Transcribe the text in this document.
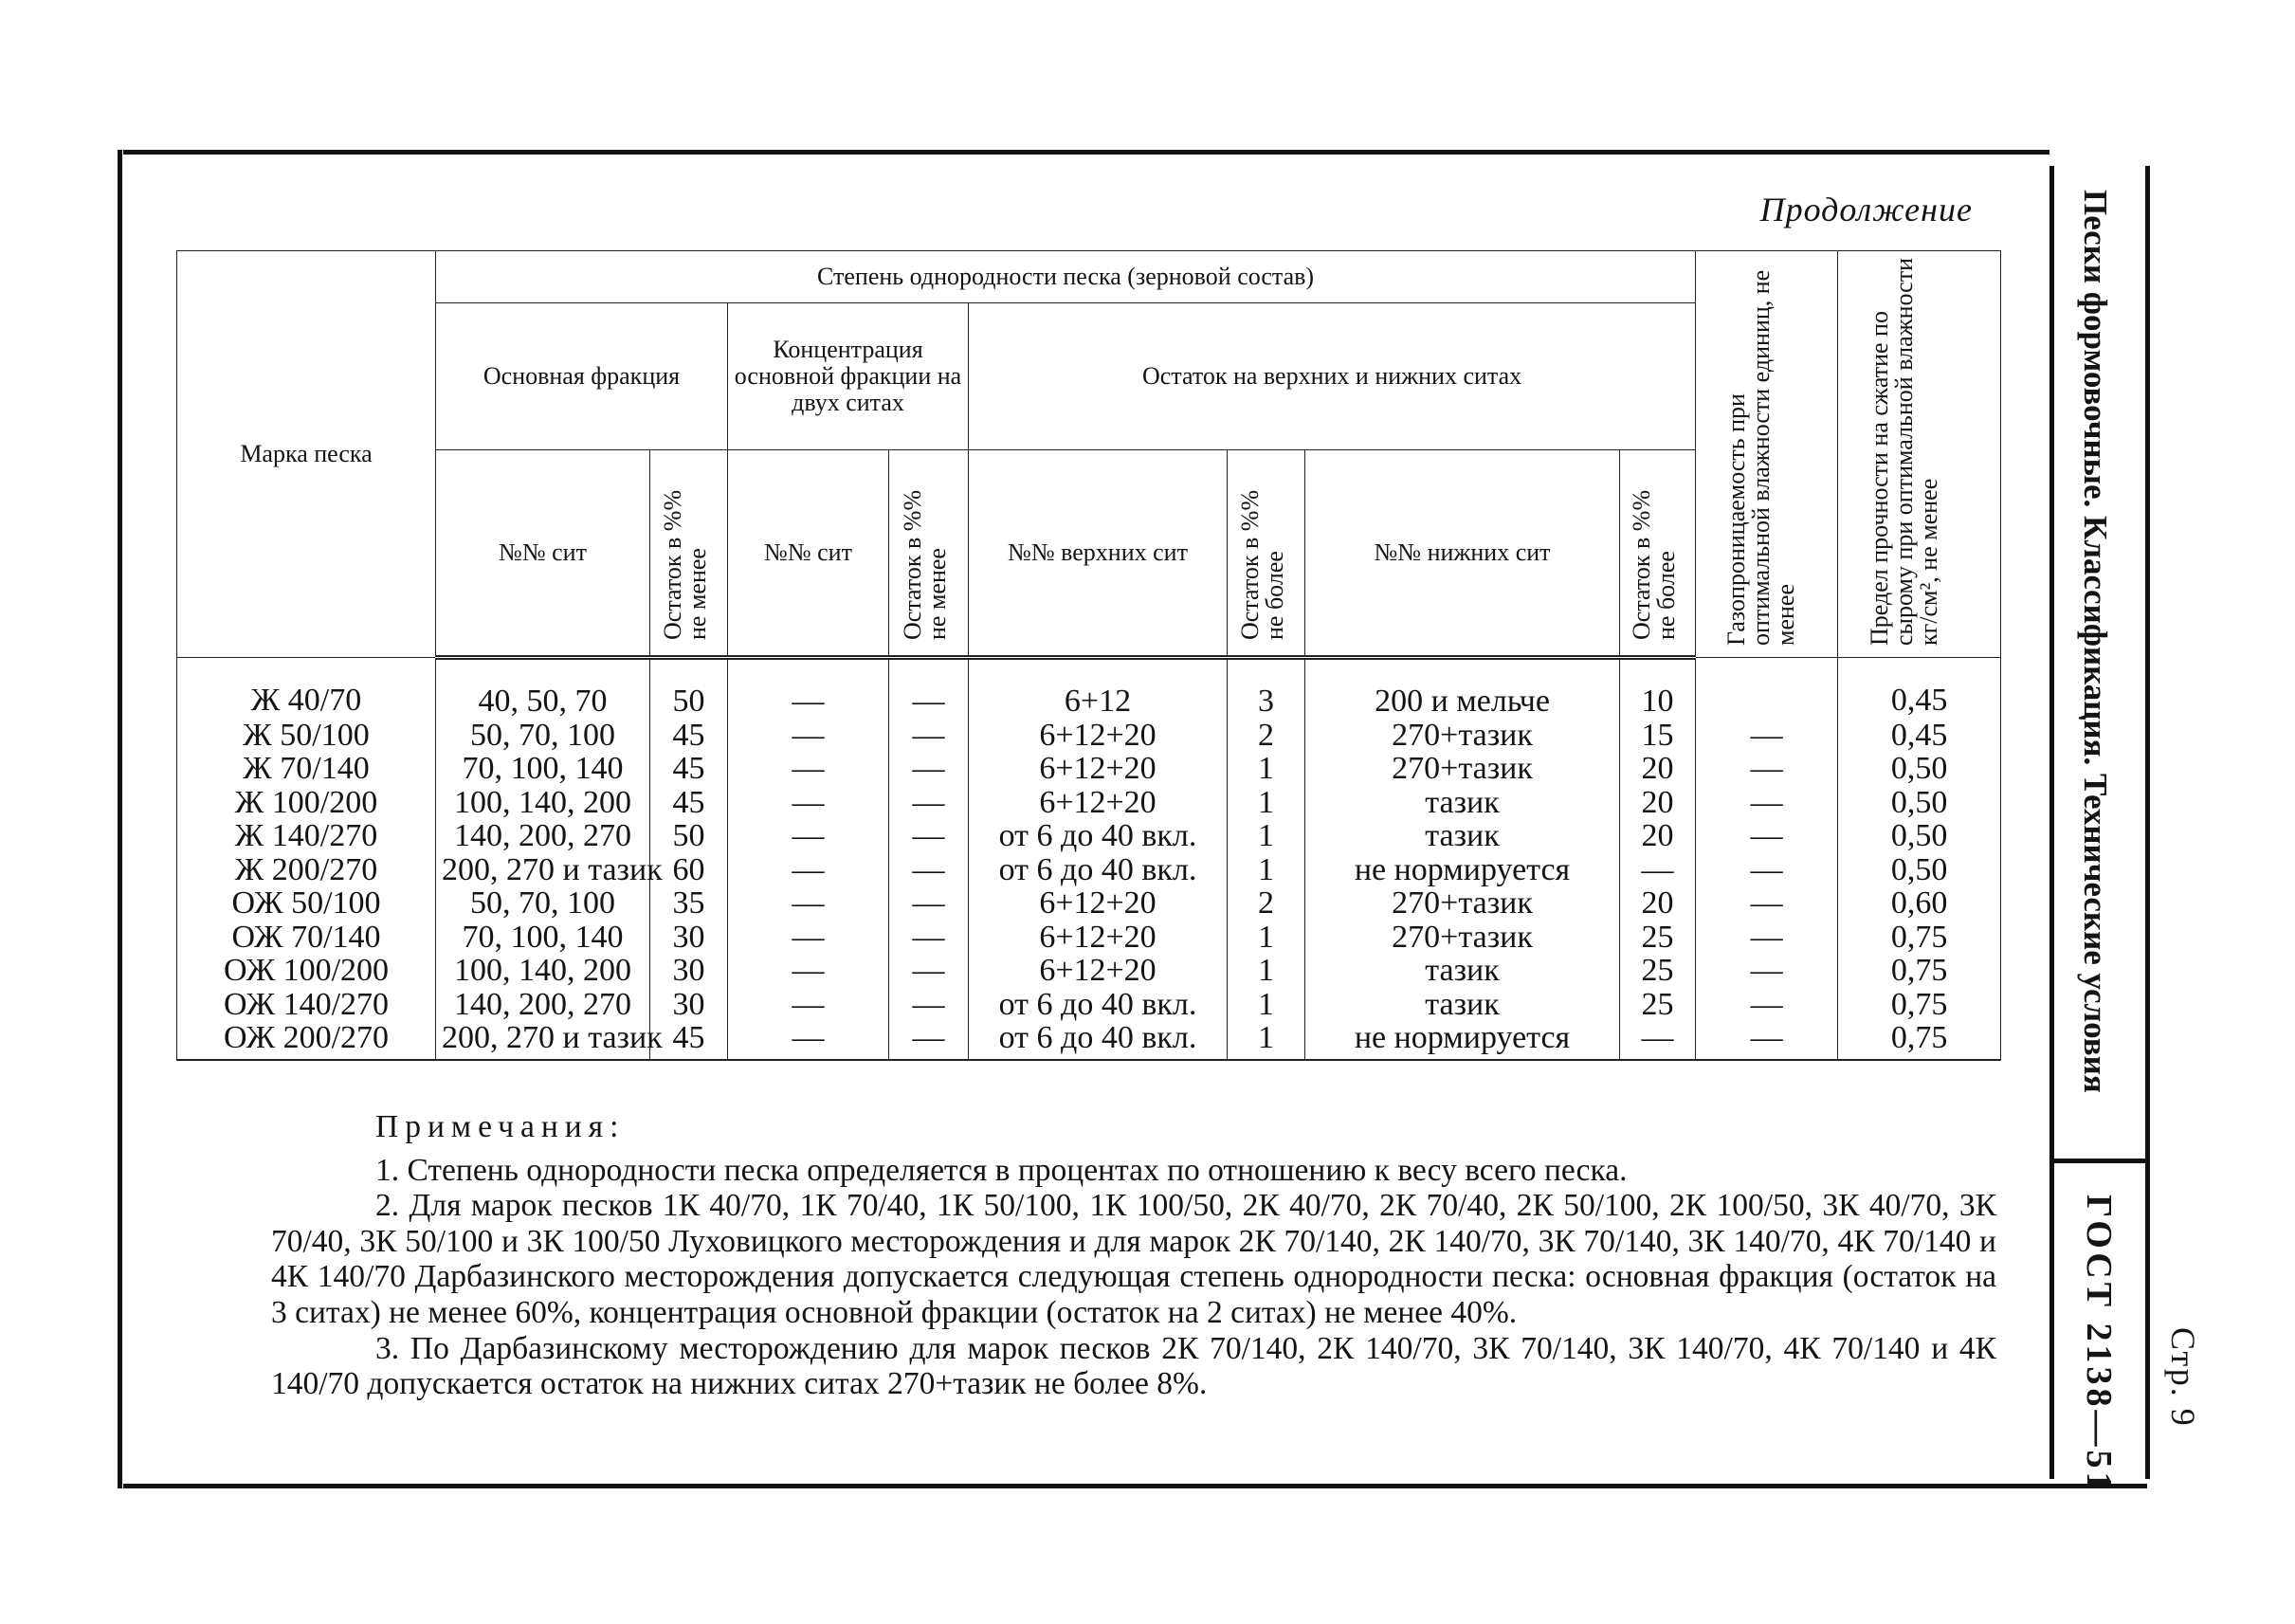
Продолжение
Марка песка	Степень однородности песка (зерновой состав)								Газопроницаемость при оптимальной влажности единиц, не менее	Предел прочности на сжатие по сырому при оптимальной влажности кг/см², не менее
	Основная фракция		Концентрация основной фракции на двух ситах		Остаток на верхних и нижних ситах					
	№№ сит	Остаток в %% не менее	№№ сит	Остаток в %% не менее	№№ верхних сит	Остаток в %% не более	№№ нижних сит	Остаток в %% не более		
Ж 40/70	40, 50, 70	50	—	—	6+12	3	200 и мельче	10		0,45
Ж 50/100	50, 70, 100	45	—	—	6+12+20	2	270+тазик	15	—	0,45
Ж 70/140	70, 100, 140	45	—	—	6+12+20	1	270+тазик	20	—	0,50
Ж 100/200	100, 140, 200	45	—	—	6+12+20	1	тазик	20	—	0,50
Ж 140/270	140, 200, 270	50	—	—	от 6 до 40 вкл.	1	тазик	20	—	0,50
Ж 200/270	200, 270 и тазик	60	—	—	от 6 до 40 вкл.	1	не нормируется	—	—	0,50
ОЖ 50/100	50, 70, 100	35	—	—	6+12+20	2	270+тазик	20	—	0,60
ОЖ 70/140	70, 100, 140	30	—	—	6+12+20	1	270+тазик	25	—	0,75
ОЖ 100/200	100, 140, 200	30	—	—	6+12+20	1	тазик	25	—	0,75
ОЖ 140/270	140, 200, 270	30	—	—	от 6 до 40 вкл.	1	тазик	25	—	0,75
ОЖ 200/270	200, 270 и тазик	45	—	—	от 6 до 40 вкл.	1	не нормируется	—	—	0,75
Примечания:

1. Степень однородности песка определяется в процентах по отношению к весу всего песка.

2. Для марок песков 1К 40/70, 1К 70/40, 1К 50/100, 1К 100/50, 2К 40/70, 2К 70/40, 2К 50/100, 2К 100/50, 3К 40/70, 3К 70/40, 3К 50/100 и 3К 100/50 Луховицкого месторождения и для марок 2К 70/140, 2К 140/70, 3К 70/140, 3К 140/70, 4К 70/140 и 4К 140/70 Дарбазинского месторождения допускается следующая степень однородности песка: основная фракция (остаток на 3 ситах) не менее 60%, концентрация основной фракции (остаток на 2 ситах) не менее 40%.

3. По Дарбазинскому месторождению для марок песков 2К 70/140, 2К 140/70, 3К 70/140, 3К 140/70, 4К 70/140 и 4К 140/70 допускается остаток на нижних ситах 270+тазик не более 8%.

Пески формовочные. Классификация. Технические условия
ГОСТ 2138—51 Стр. 9
